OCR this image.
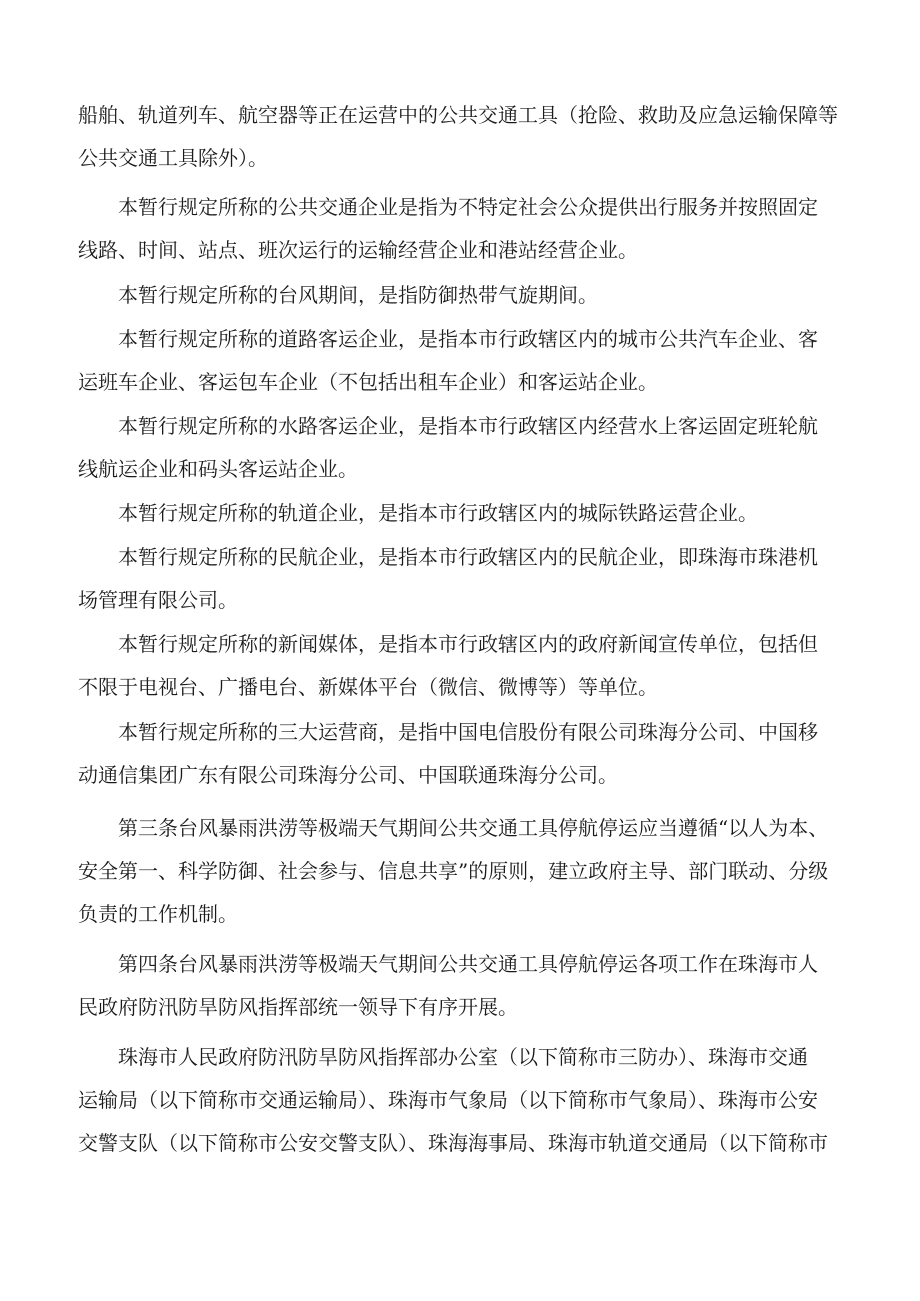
船舶、轨道列车、航空器等正在运营中的公共交通工具（抢险、救助及应急运输保障等
公共交通工具除外）。

本暂行规定所称的公共交通企业是指为不特定社会公众提供出行服务并按照固定
线路、时间、站点、班次运行的运输经营企业和港站经营企业。

本暂行规定所称的台风期间，是指防御热带气旋期间。

本暂行规定所称的道路客运企业，是指本市行政辖区内的城市公共汽车企业、客
运班车企业、客运包车企业（不包括出租车企业）和客运站企业。

本暂行规定所称的水路客运企业，是指本市行政辖区内经营水上客运固定班轮航
线航运企业和码头客运站企业。

本暂行规定所称的轨道企业，是指本市行政辖区内的城际铁路运营企业。

本暂行规定所称的民航企业，是指本市行政辖区内的民航企业，即珠海市珠港机
场管理有限公司。

本暂行规定所称的新闻媒体，是指本市行政辖区内的政府新闻宣传单位，包括但
不限于电视台、广播电台、新媒体平台（微信、微博等）等单位。

本暂行规定所称的三大运营商，是指中国电信股份有限公司珠海分公司、中国移
动通信集团广东有限公司珠海分公司、中国联通珠海分公司。

第三条台风暴雨洪涝等极端天气期间公共交通工具停航停运应当遵循“以人为本、
安全第一、科学防御、社会参与、信息共享”的原则，建立政府主导、部门联动、分级
负责的工作机制。

第四条台风暴雨洪涝等极端天气期间公共交通工具停航停运各项工作在珠海市人
民政府防汛防旱防风指挥部统一领导下有序开展。

珠海市人民政府防汛防旱防风指挥部办公室（以下简称市三防办）、珠海市交通
运输局（以下简称市交通运输局）、珠海市气象局（以下简称市气象局）、珠海市公安
交警支队（以下简称市公安交警支队）、珠海海事局、珠海市轨道交通局（以下简称市
